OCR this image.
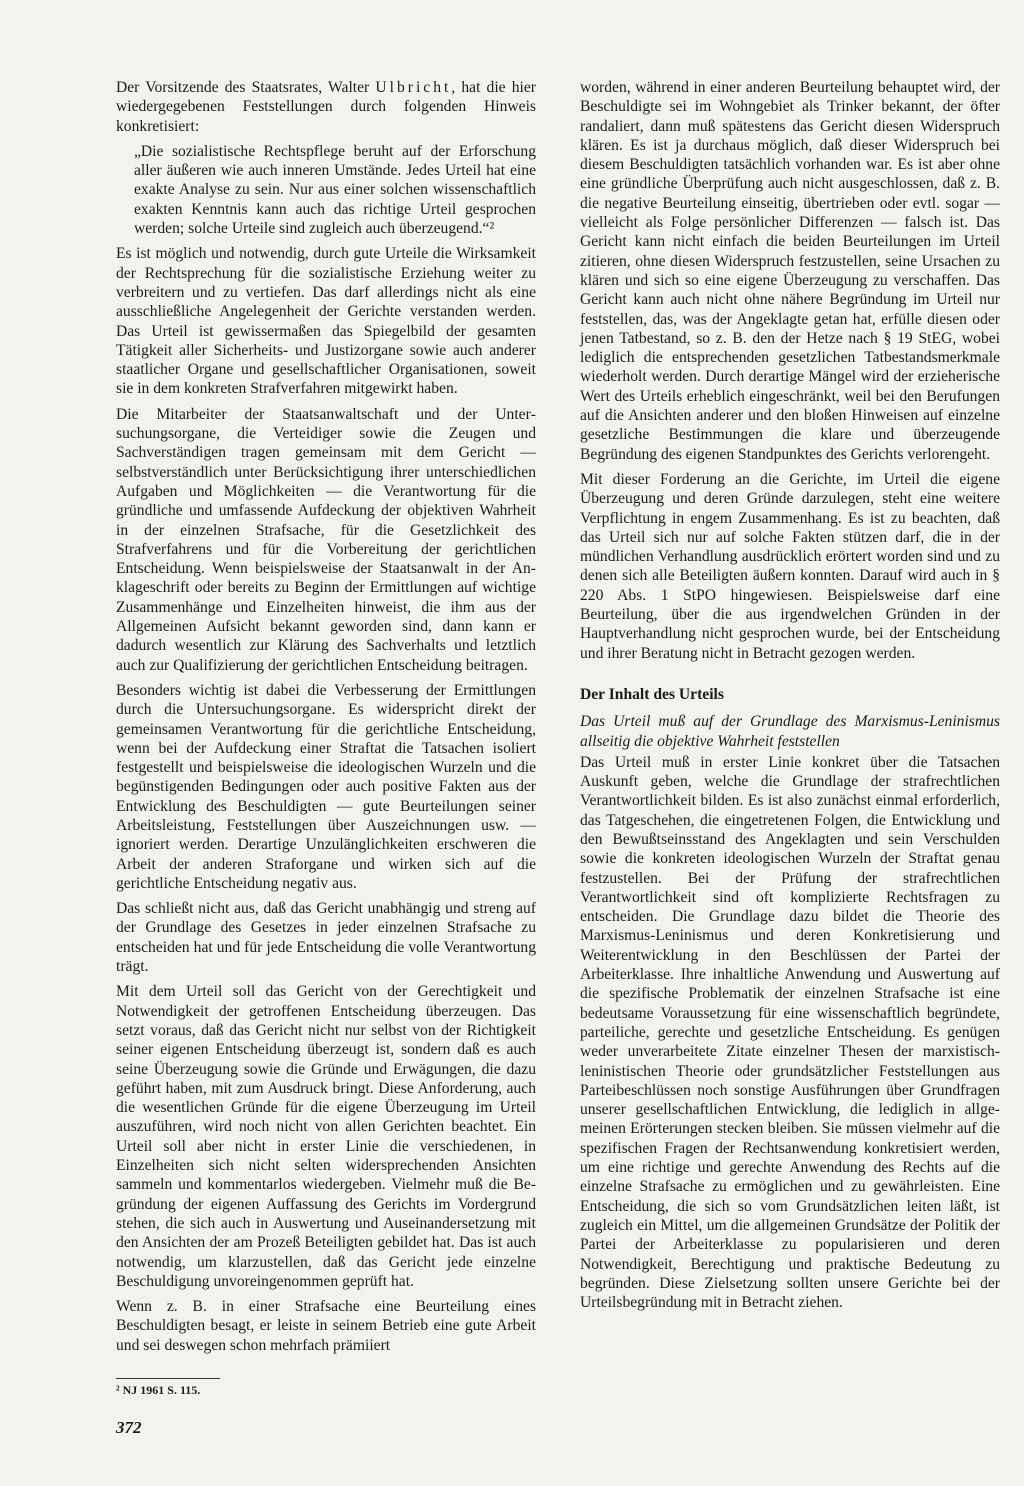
Der Vorsitzende des Staatsrates, Walter Ulbricht, hat die hier wiedergegebenen Feststellungen durch folgenden Hinweis konkretisiert:

„Die sozialistische Rechtspflege beruht auf der Erforschung aller äußeren wie auch inneren Umstände. Jedes Urteil hat eine exakte Analyse zu sein. Nur aus einer solchen wissenschaftlich exakten Kenntnis kann auch das richtige Urteil gesprochen werden; solche Urteile sind zugleich auch überzeugend.“²

Es ist möglich und notwendig, durch gute Urteile die Wirksamkeit der Rechtsprechung für die sozialistische Erziehung weiter zu verbreitern und zu vertiefen. Das darf allerdings nicht als eine ausschließliche Angelegenheit der Gerichte verstanden werden. Das Urteil ist gewissermaßen das Spiegelbild der gesamten Tätigkeit aller Sicherheits- und Justizorgane sowie auch anderer staatlicher Organe und gesellschaftlicher Organisationen, soweit sie in dem konkreten Strafverfahren mitgewirkt haben.

Die Mitarbeiter der Staatsanwaltschaft und der Untersuchungsorgane, die Verteidiger sowie die Zeugen und Sachverständigen tragen gemeinsam mit dem Gericht — selbstverständlich unter Berücksichtigung ihrer unterschiedlichen Aufgaben und Möglichkeiten — die Verantwortung für die gründliche und umfassende Aufdeckung der objektiven Wahrheit in der einzelnen Strafsache, für die Gesetzlichkeit des Strafverfahrens und für die Vorbereitung der gerichtlichen Entscheidung. Wenn beispielsweise der Staatsanwalt in der Anklageschrift oder bereits zu Beginn der Ermittlungen auf wichtige Zusammenhänge und Einzelheiten hinweist, die ihm aus der Allgemeinen Aufsicht bekannt geworden sind, dann kann er dadurch wesentlich zur Klärung des Sachverhalts und letztlich auch zur Qualifizierung der gerichtlichen Entscheidung beitragen.

Besonders wichtig ist dabei die Verbesserung der Ermittlungen durch die Untersuchungsorgane. Es widerspricht direkt der gemeinsamen Verantwortung für die gerichtliche Entscheidung, wenn bei der Aufdeckung einer Straftat die Tatsachen isoliert festgestellt und beispielsweise die ideologischen Wurzeln und die begünstigenden Bedingungen oder auch positive Fakten aus der Entwicklung des Beschuldigten — gute Beurteilungen seiner Arbeitsleistung, Feststellungen über Auszeichnungen usw. — ignoriert werden. Derartige Unzulänglichkeiten erschweren die Arbeit der anderen Straforgane und wirken sich auf die gerichtliche Entscheidung negativ aus.

Das schließt nicht aus, daß das Gericht unabhängig und streng auf der Grundlage des Gesetzes in jeder einzelnen Strafsache zu entscheiden hat und für jede Entscheidung die volle Verantwortung trägt.

Mit dem Urteil soll das Gericht von der Gerechtigkeit und Notwendigkeit der getroffenen Entscheidung überzeugen. Das setzt voraus, daß das Gericht nicht nur selbst von der Richtigkeit seiner eigenen Entscheidung überzeugt ist, sondern daß es auch seine Überzeugung sowie die Gründe und Erwägungen, die dazu geführt haben, mit zum Ausdruck bringt. Diese Anforderung, auch die wesentlichen Gründe für die eigene Überzeugung im Urteil auszuführen, wird noch nicht von allen Gerichten beachtet. Ein Urteil soll aber nicht in erster Linie die verschiedenen, in Einzelheiten sich nicht selten widersprechenden Ansichten sammeln und kommentarlos wiedergeben. Vielmehr muß die Begründung der eigenen Auffassung des Gerichts im Vordergrund stehen, die sich auch in Auswertung und Auseinandersetzung mit den Ansichten der am Prozeß Beteiligten gebildet hat. Das ist auch notwendig, um klarzustellen, daß das Gericht jede einzelne Beschuldigung unvoreingenommen geprüft hat.

Wenn z. B. in einer Strafsache eine Beurteilung eines Beschuldigten besagt, er leiste in seinem Betrieb eine gute Arbeit und sei deswegen schon mehrfach prämiiert

worden, während in einer anderen Beurteilung behauptet wird, der Beschuldigte sei im Wohngebiet als Trinker bekannt, der öfter randaliert, dann muß spätestens das Gericht diesen Widerspruch klären. Es ist ja durchaus möglich, daß dieser Widerspruch bei diesem Beschuldigten tatsächlich vorhanden war. Es ist aber ohne eine gründliche Überprüfung auch nicht ausgeschlossen, daß z. B. die negative Beurteilung einseitig, übertrieben oder evtl. sogar — vielleicht als Folge persönlicher Differenzen — falsch ist. Das Gericht kann nicht einfach die beiden Beurteilungen im Urteil zitieren, ohne diesen Widerspruch festzustellen, seine Ursachen zu klären und sich so eine eigene Überzeugung zu verschaffen. Das Gericht kann auch nicht ohne nähere Begründung im Urteil nur feststellen, das, was der Angeklagte getan hat, erfülle diesen oder jenen Tatbestand, so z. B. den der Hetze nach § 19 StEG, wobei lediglich die entsprechenden gesetzlichen Tatbestandsmerkmale wiederholt werden. Durch derartige Mängel wird der erzieherische Wert des Urteils erheblich eingeschränkt, weil bei den Berufungen auf die Ansichten anderer und den bloßen Hinweisen auf einzelne gesetzliche Bestimmungen die klare und überzeugende Begründung des eigenen Standpunktes des Gerichts verlorengeht.

Mit dieser Forderung an die Gerichte, im Urteil die eigene Überzeugung und deren Gründe darzulegen, steht eine weitere Verpflichtung in engem Zusammenhang. Es ist zu beachten, daß das Urteil sich nur auf solche Fakten stützen darf, die in der mündlichen Verhandlung ausdrücklich erörtert worden sind und zu denen sich alle Beteiligten äußern konnten. Darauf wird auch in § 220 Abs. 1 StPO hingewiesen. Beispielsweise darf eine Beurteilung, über die aus irgendwelchen Gründen in der Hauptverhandlung nicht gesprochen wurde, bei der Entscheidung und ihrer Beratung nicht in Betracht gezogen werden.

Der Inhalt des Urteils

Das Urteil muß auf der Grundlage des Marxismus-Leninismus allseitig die objektive Wahrheit feststellen

Das Urteil muß in erster Linie konkret über die Tatsachen Auskunft geben, welche die Grundlage der strafrechtlichen Verantwortlichkeit bilden. Es ist also zunächst einmal erforderlich, das Tatgeschehen, die eingetretenen Folgen, die Entwicklung und den Bewußtseinsstand des Angeklagten und sein Verschulden sowie die konkreten ideologischen Wurzeln der Straftat genau festzustellen. Bei der Prüfung der strafrechtlichen Verantwortlichkeit sind oft komplizierte Rechtsfragen zu entscheiden. Die Grundlage dazu bildet die Theorie des Marxismus-Leninismus und deren Konkretisierung und Weiterentwicklung in den Beschlüssen der Partei der Arbeiterklasse. Ihre inhaltliche Anwendung und Auswertung auf die spezifische Problematik der einzelnen Strafsache ist eine bedeutsame Voraussetzung für eine wissenschaftlich begründete, parteiliche, gerechte und gesetzliche Entscheidung. Es genügen weder unverarbeitete Zitate einzelner Thesen der marxistisch-leninistischen Theorie oder grundsätzlicher Feststellungen aus Parteibeschlüssen noch sonstige Ausführungen über Grundfragen unserer gesellschaftlichen Entwicklung, die lediglich in allgemeinen Erörterungen stecken bleiben. Sie müssen vielmehr auf die spezifischen Fragen der Rechtsanwendung konkretisiert werden, um eine richtige und gerechte Anwendung des Rechts auf die einzelne Strafsache zu ermöglichen und zu gewährleisten. Eine Entscheidung, die sich so vom Grundsätzlichen leiten läßt, ist zugleich ein Mittel, um die allgemeinen Grundsätze der Politik der Partei der Arbeiterklasse zu popularisieren und deren Notwendigkeit, Berechtigung und praktische Bedeutung zu begründen. Diese Zielsetzung sollten unsere Gerichte bei der Urteilsbegründung mit in Betracht ziehen.

² NJ 1961 S. 115.
372
